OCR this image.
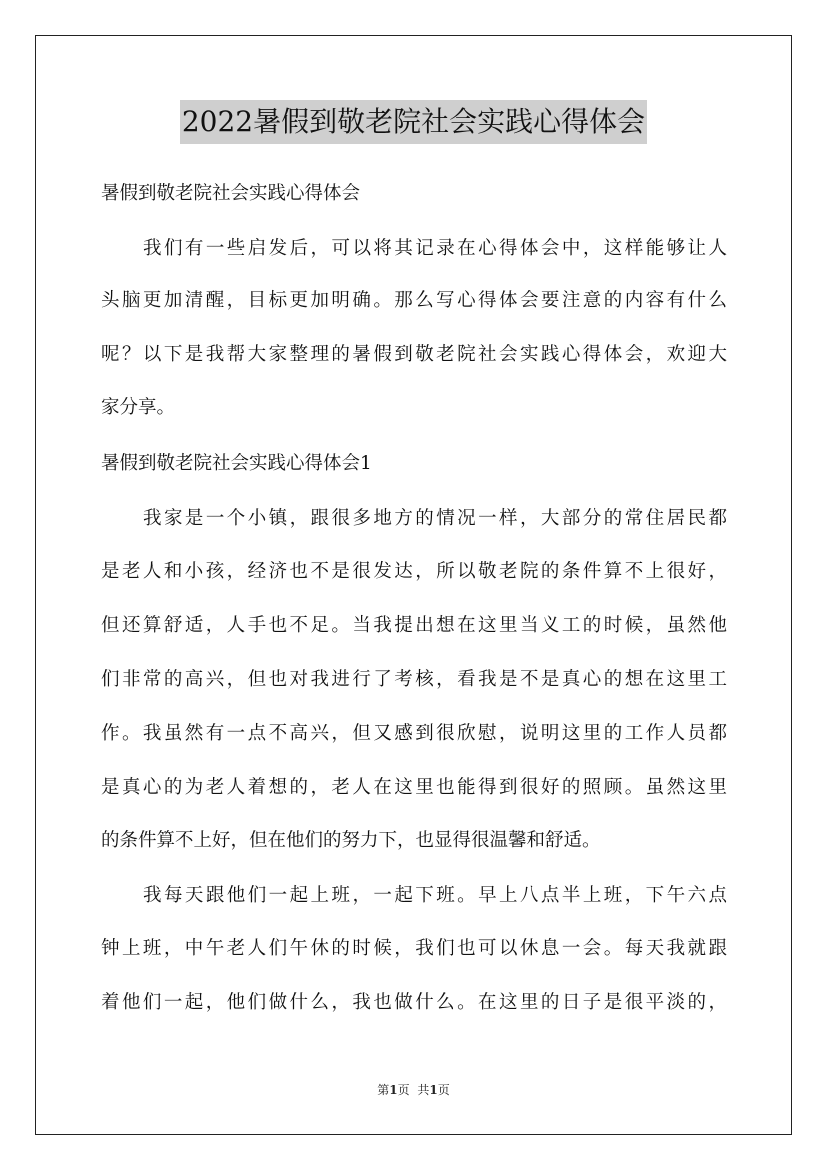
2022暑假到敬老院社会实践心得体会
暑假到敬老院社会实践心得体会
我们有一些启发后，可以将其记录在心得体会中，这样能够让人
头脑更加清醒，目标更加明确。那么写心得体会要注意的内容有什么
呢？以下是我帮大家整理的暑假到敬老院社会实践心得体会，欢迎大
家分享。
暑假到敬老院社会实践心得体会1
我家是一个小镇，跟很多地方的情况一样，大部分的常住居民都
是老人和小孩，经济也不是很发达，所以敬老院的条件算不上很好，
但还算舒适，人手也不足。当我提出想在这里当义工的时候，虽然他
们非常的高兴，但也对我进行了考核，看我是不是真心的想在这里工
作。我虽然有一点不高兴，但又感到很欣慰，说明这里的工作人员都
是真心的为老人着想的，老人在这里也能得到很好的照顾。虽然这里
的条件算不上好，但在他们的努力下，也显得很温馨和舒适。
我每天跟他们一起上班，一起下班。早上八点半上班，下午六点
钟上班，中午老人们午休的时候，我们也可以休息一会。每天我就跟
着他们一起，他们做什么，我也做什么。在这里的日子是很平淡的，
第1页 共1页
